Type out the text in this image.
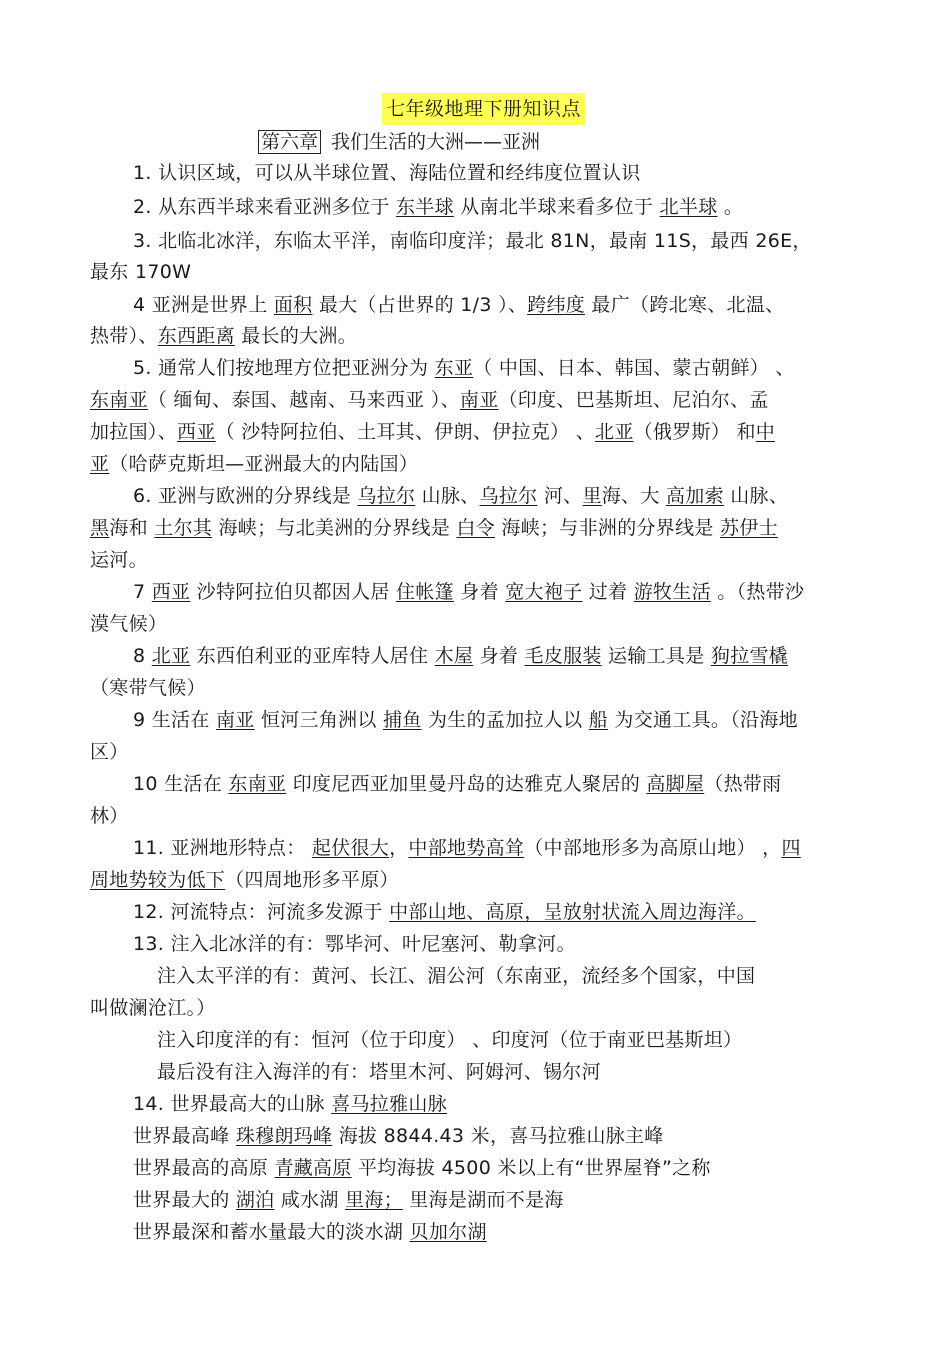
七年级地理下册知识点
第六章 我们生活的大洲——亚洲
1. 认识区域，可以从半球位置、海陆位置和经纬度位置认识
2. 从东西半球来看亚洲多位于 东半球 从南北半球来看多位于 北半球 。
3. 北临北冰洋，东临太平洋，南临印度洋；最北 81N，最南 11S，最西 26E，
最东 170W
4 亚洲是世界上 面积 最大（占世界的 1/3 ）、跨纬度 最广（跨北寒、北温、
热带）、东西距离 最长的大洲。
5. 通常人们按地理方位把亚洲分为 东亚（ 中国、日本、韩国、蒙古朝鲜） 、
东南亚（ 缅甸、泰国、越南、马来西亚 ）、南亚（印度、巴基斯坦、尼泊尔、孟
加拉国）、西亚（ 沙特阿拉伯、土耳其、伊朗、伊拉克） 、北亚（俄罗斯） 和中
亚（哈萨克斯坦—亚洲最大的内陆国）
6. 亚洲与欧洲的分界线是 乌拉尔 山脉、乌拉尔 河、里海、大 高加索 山脉、
黑海和 土尔其 海峡；与北美洲的分界线是 白令 海峡；与非洲的分界线是 苏伊士
运河。
7 西亚 沙特阿拉伯贝都因人居 住帐篷 身着 宽大袍子 过着 游牧生活 。（热带沙
漠气候）
8 北亚 东西伯利亚的亚库特人居住 木屋 身着 毛皮服装 运输工具是 狗拉雪橇
（寒带气候）
9 生活在 南亚 恒河三角洲以 捕鱼 为生的孟加拉人以 船 为交通工具。（沿海地
区）
10 生活在 东南亚 印度尼西亚加里曼丹岛的达雅克人聚居的 高脚屋（热带雨
林）
11. 亚洲地形特点： 起伏很大，中部地势高耸（中部地形多为高原山地） ，四
周地势较为低下（四周地形多平原）
12. 河流特点：河流多发源于 中部山地、高原，呈放射状流入周边海洋。
13. 注入北冰洋的有：鄂毕河、叶尼塞河、勒拿河。
注入太平洋的有：黄河、长江、湄公河（东南亚，流经多个国家，中国
叫做澜沧江。）
注入印度洋的有：恒河（位于印度） 、印度河（位于南亚巴基斯坦）
最后没有注入海洋的有：塔里木河、阿姆河、锡尔河
14. 世界最高大的山脉 喜马拉雅山脉
世界最高峰 珠穆朗玛峰 海拔 8844.43 米，喜马拉雅山脉主峰
世界最高的高原 青藏高原 平均海拔 4500 米以上有“世界屋脊”之称
世界最大的 湖泊 咸水湖 里海； 里海是湖而不是海
世界最深和蓄水量最大的淡水湖 贝加尔湖
